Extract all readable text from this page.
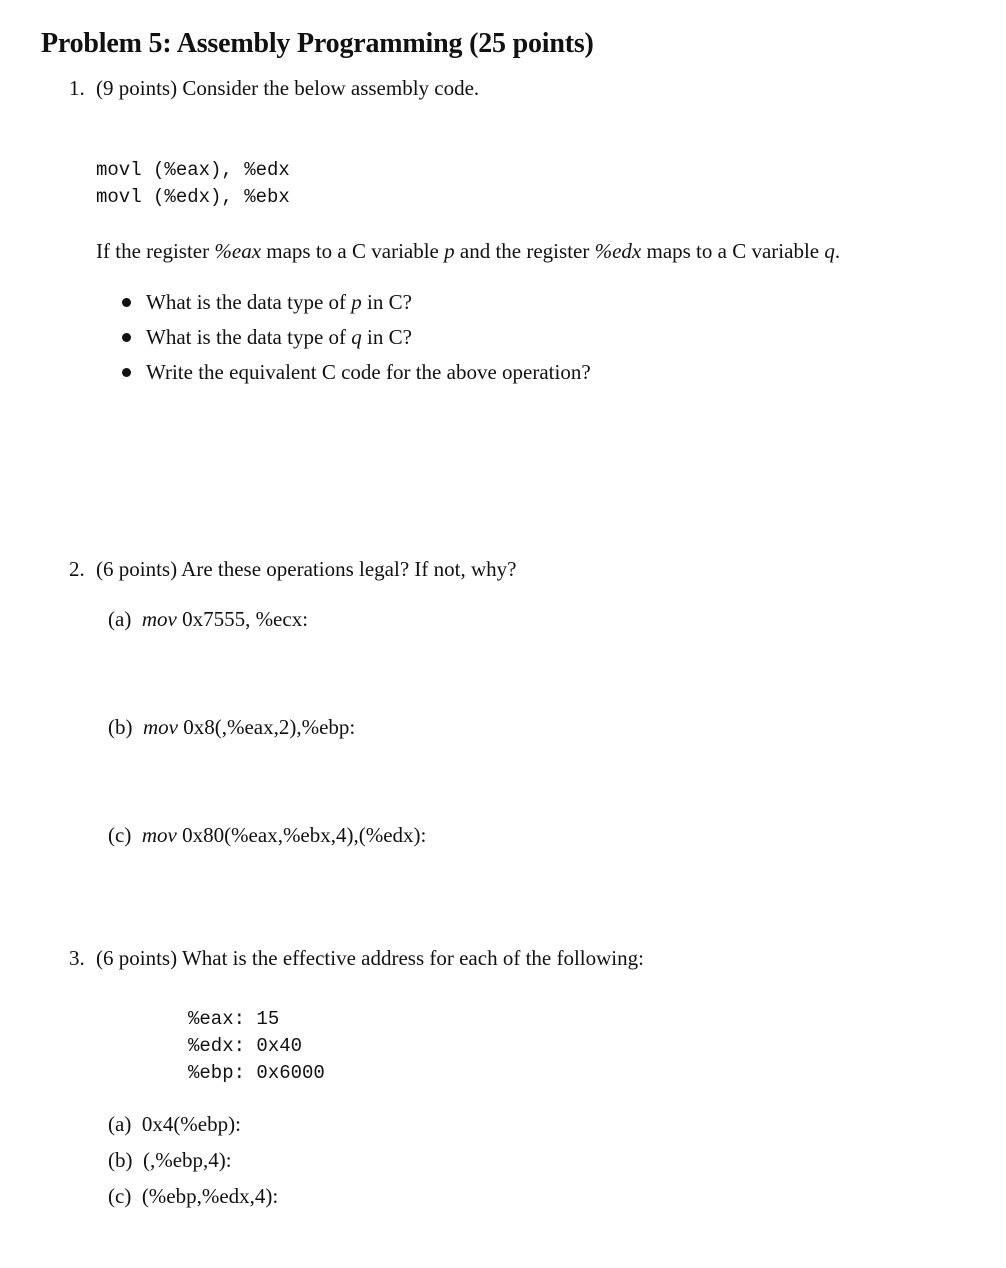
Problem 5: Assembly Programming (25 points)
1. (9 points) Consider the below assembly code.
movl (%eax), %edx
movl (%edx), %ebx
If the register %eax maps to a C variable p and the register %edx maps to a C variable q.
What is the data type of p in C?
What is the data type of q in C?
Write the equivalent C code for the above operation?
2. (6 points) Are these operations legal? If not, why?
(a) mov 0x7555, %ecx:
(b) mov 0x8(,%eax,2),%ebp:
(c) mov 0x80(%eax,%ebx,4),(%edx):
3. (6 points) What is the effective address for each of the following:
%eax: 15
%edx: 0x40
%ebp: 0x6000
(a) 0x4(%ebp):
(b) (,%ebp,4):
(c) (%ebp,%edx,4):
